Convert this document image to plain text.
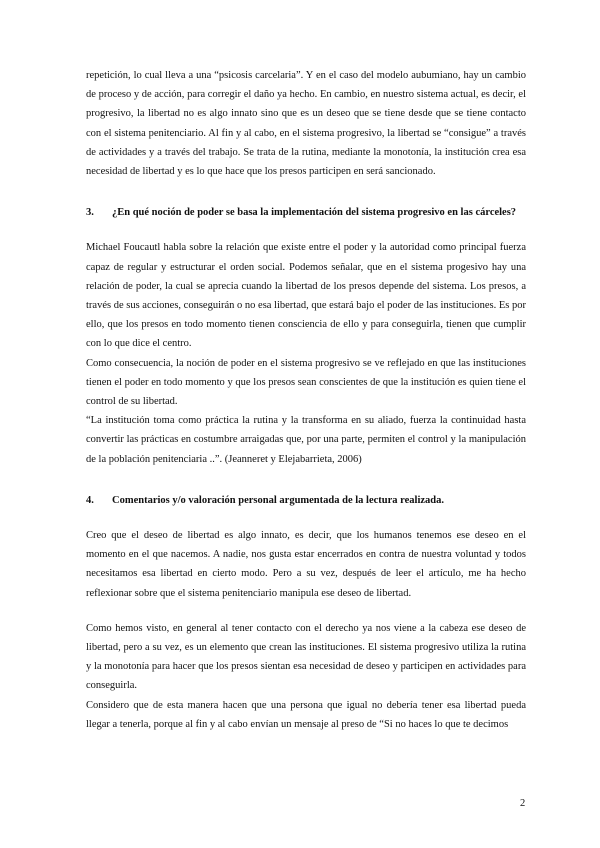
repetición, lo cual lleva a una “psicosis carcelaria”. Y en el caso del modelo aubumiano, hay un cambio de proceso y de acción, para corregir el daño ya hecho. En cambio, en nuestro sistema actual, es decir, el progresivo, la libertad no es algo innato sino que es un deseo que se tiene desde que se tiene contacto con el sistema penitenciario. Al fin y al cabo, en el sistema progresivo, la libertad se “consigue” a través de actividades y a través del trabajo. Se trata de la rutina, mediante la monotonía, la institución crea esa necesidad de libertad y es lo que hace que los presos participen en será sancionado.

3.	¿En qué noción de poder se basa la implementación del sistema progresivo en las cárceles?

Michael Foucautl habla sobre la relación que existe entre el poder y la autoridad como principal fuerza capaz de regular y estructurar el orden social. Podemos señalar, que en el sistema progesivo hay una relación de poder, la cual se aprecia cuando la libertad de los presos depende del sistema. Los presos, a través de sus acciones, conseguirán o no esa libertad, que estará bajo el poder de las instituciones. Es por ello, que los presos en todo momento tienen consciencia de ello y para conseguirla, tienen que cumplir con lo que dice el centro.

Como consecuencia, la noción de poder en el sistema progresivo se ve reflejado en que las instituciones tienen el poder en todo momento y que los presos sean conscientes de que la institución es quien tiene el control de su libertad.

“La institución toma como práctica la rutina y la transforma en su aliado, fuerza la continuidad hasta convertir las prácticas en costumbre arraigadas que, por una parte, permiten el control y la manipulación de la población penitenciaria ..”. (Jeanneret y Elejabarrieta, 2006)

4.	Comentarios y/o valoración personal argumentada de la lectura realizada.

Creo que el deseo de libertad es algo innato, es decir, que los humanos tenemos ese deseo en el momento en el que nacemos. A nadie, nos gusta estar encerrados en contra de nuestra voluntad y todos necesitamos esa libertad en cierto modo. Pero a su vez, después de leer el artículo, me ha hecho reflexionar sobre que el sistema penitenciario manipula ese deseo de libertad.

Como hemos visto, en general al tener contacto con el derecho ya nos viene a la cabeza ese deseo de libertad, pero a su vez, es un elemento que crean las instituciones. El sistema progresivo utiliza la rutina y la monotonía para hacer que los presos sientan esa necesidad de deseo y participen en actividades para conseguirla.

Considero que de esta manera hacen que una persona que igual no debería tener esa libertad pueda llegar a tenerla, porque al fin y al cabo envían un mensaje al preso de “Si no haces lo que te decimos

2
